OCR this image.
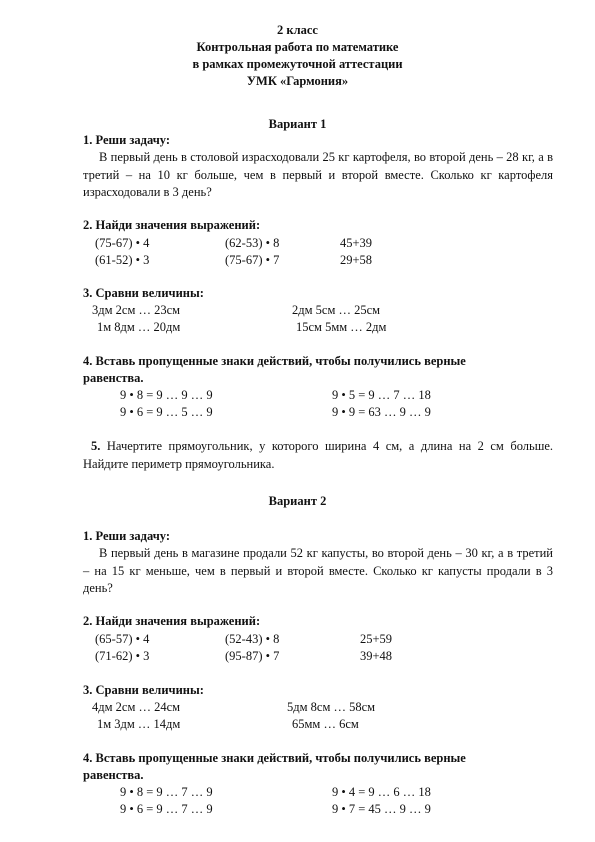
2 класс
Контрольная работа по математике
в рамках промежуточной аттестации
УМК «Гармония»
Вариант 1
1. Реши задачу:
В первый день в столовой израсходовали 25 кг картофеля, во второй день – 28 кг, а в третий – на 10 кг больше, чем в первый и второй вместе. Сколько кг картофеля израсходовали в 3 день?
2. Найди значения выражений:
(75-67) • 4	(62-53) • 8	45+39
(61-52) • 3	(75-67) • 7	29+58
3. Сравни величины:
3дм 2см … 23см	2дм 5см … 25см
1м 8дм … 20дм	15см 5мм … 2дм
4. Вставь пропущенные знаки действий, чтобы получились верные
равенства.
9 • 8 = 9 … 9 … 9	9 • 5 = 9 … 7 … 18
9 • 6 = 9 … 5 … 9	9 • 9 = 63 … 9 … 9
5. Начертите прямоугольник, у которого ширина 4 см, а длина на 2 см больше. Найдите периметр прямоугольника.
Вариант 2
1. Реши задачу:
В первый день в магазине продали 52 кг капусты, во второй день – 30 кг, а в третий – на 15 кг меньше, чем в первый и второй вместе. Сколько кг капусты продали в 3 день?
2. Найди значения выражений:
(65-57) • 4	(52-43) • 8	25+59
(71-62) • 3	(95-87) • 7	39+48
3. Сравни величины:
4дм 2см … 24см	5дм 8см … 58см
1м 3дм … 14дм	65мм … 6см
4. Вставь пропущенные знаки действий, чтобы получились верные
равенства.
9 • 8 = 9 … 7 … 9	9 • 4 = 9 … 6 … 18
9 • 6 = 9 … 7 … 9	9 • 7 = 45 … 9 … 9
